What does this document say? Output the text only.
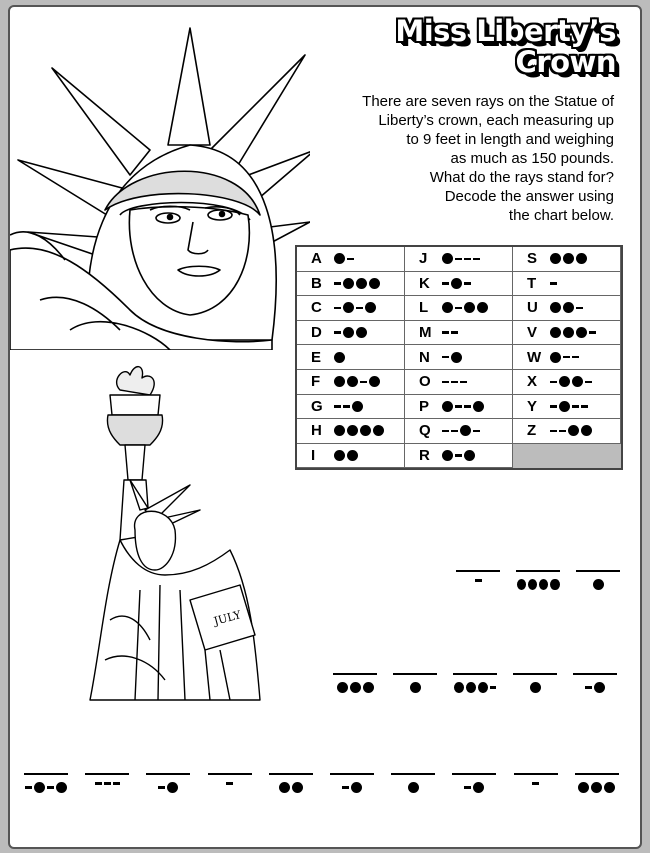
JULY
Miss Liberty’s
Crown
There are seven rays on the Statue of
Liberty’s crown, each measuring up
to 9 feet in length and weighing
as much as 150 pounds.
What do the rays stand for?
Decode the answer using
the chart below.
A
B
C
D
E
F
G
H
I
J
K
L
M
N
O
P
Q
R
S
T
U
V
W
X
Y
Z
